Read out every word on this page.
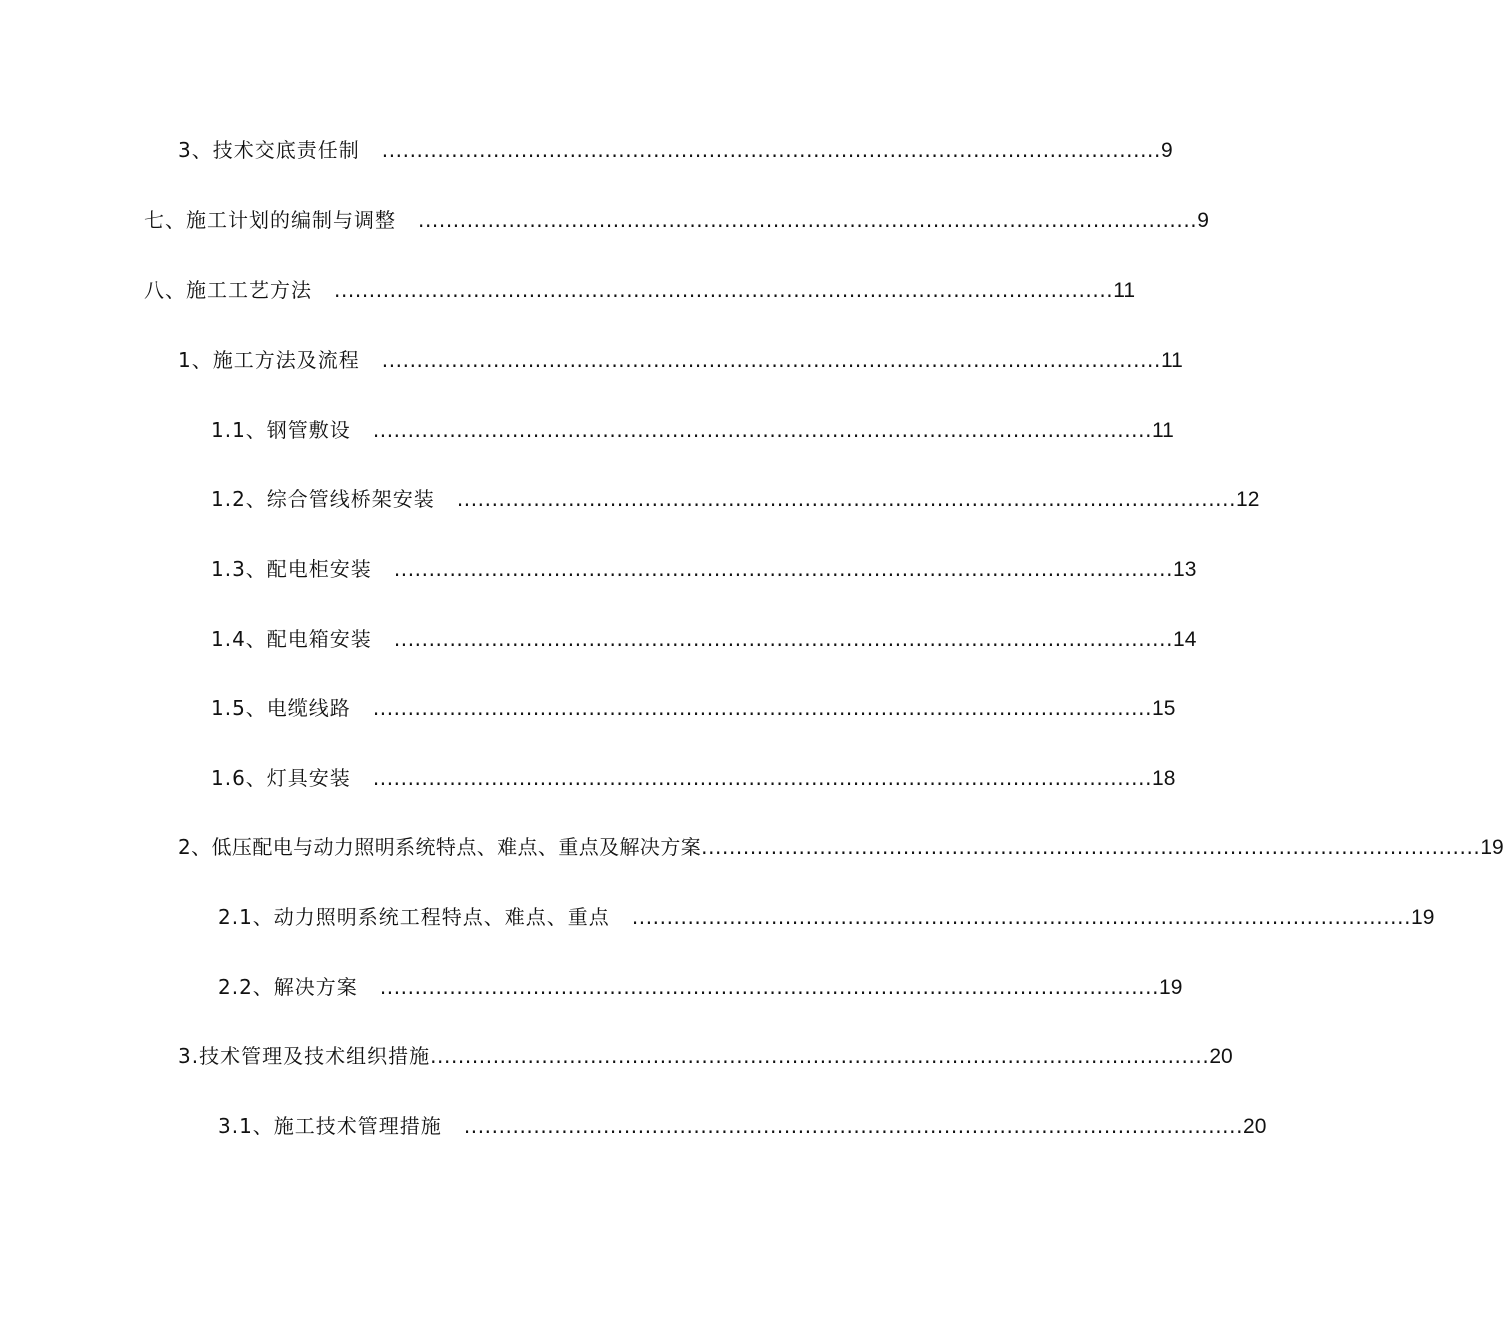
3、技术交底责任制 ................................................................................................................ 9
七、施工计划的编制与调整 ................................................................................................................ 9
八、施工工艺方法 ................................................................................................................ 11
1、施工方法及流程 ................................................................................................................ 11
1.1、钢管敷设 ................................................................................................................ 11
1.2、综合管线桥架安装 ................................................................................................................ 12
1.3、配电柜安装 ................................................................................................................ 13
1.4、配电箱安装 ................................................................................................................ 14
1.5、电缆线路 ................................................................................................................ 15
1.6、灯具安装 ................................................................................................................ 18
2、低压配电与动力照明系统特点、难点、重点及解决方案 ................................................................................................................ 19
2.1、动力照明系统工程特点、难点、重点 ................................................................................................................ 19
2.2、解决方案 ................................................................................................................ 19
3.技术管理及技术组织措施 ................................................................................................................ 20
3.1、施工技术管理措施 ................................................................................................................ 20
